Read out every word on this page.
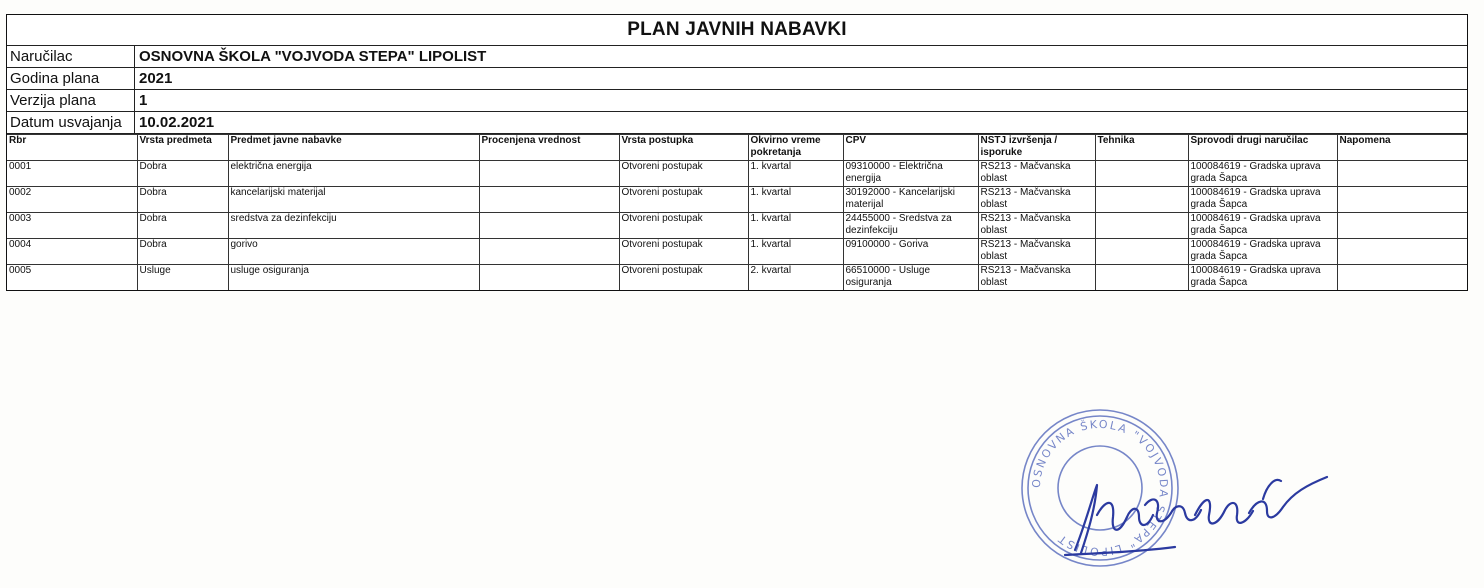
PLAN JAVNIH NABAVKI
Naručilac	OSNOVNA ŠKOLA "VOJVODA STEPA" LIPOLIST
Godina plana	2021
Verzija plana	1
Datum usvajanja	10.02.2021
Rbr	Vrsta predmeta	Predmet javne nabavke	Procenjena vrednost	Vrsta postupka	Okvirno vreme pokretanja	CPV	NSTJ izvršenja / isporuke	Tehnika	Sprovodi drugi naručilac	Napomena
0001	Dobra	električna energija		Otvoreni postupak	1. kvartal	09310000 - Električna energija	RS213 - Mačvanska oblast		100084619 - Gradska uprava grada Šapca	
0002	Dobra	kancelarijski materijal		Otvoreni postupak	1. kvartal	30192000 - Kancelarijski materijal	RS213 - Mačvanska oblast		100084619 - Gradska uprava grada Šapca	
0003	Dobra	sredstva za dezinfekciju		Otvoreni postupak	1. kvartal	24455000 - Sredstva za dezinfekciju	RS213 - Mačvanska oblast		100084619 - Gradska uprava grada Šapca	
0004	Dobra	gorivo		Otvoreni postupak	1. kvartal	09100000 - Goriva	RS213 - Mačvanska oblast		100084619 - Gradska uprava grada Šapca	
0005	Usluge	usluge osiguranja		Otvoreni postupak	2. kvartal	66510000 - Usluge osiguranja	RS213 - Mačvanska oblast		100084619 - Gradska uprava grada Šapca	
OSNOVNA ŠKOLA "VOJVODA STEPA" LIPOLIST
